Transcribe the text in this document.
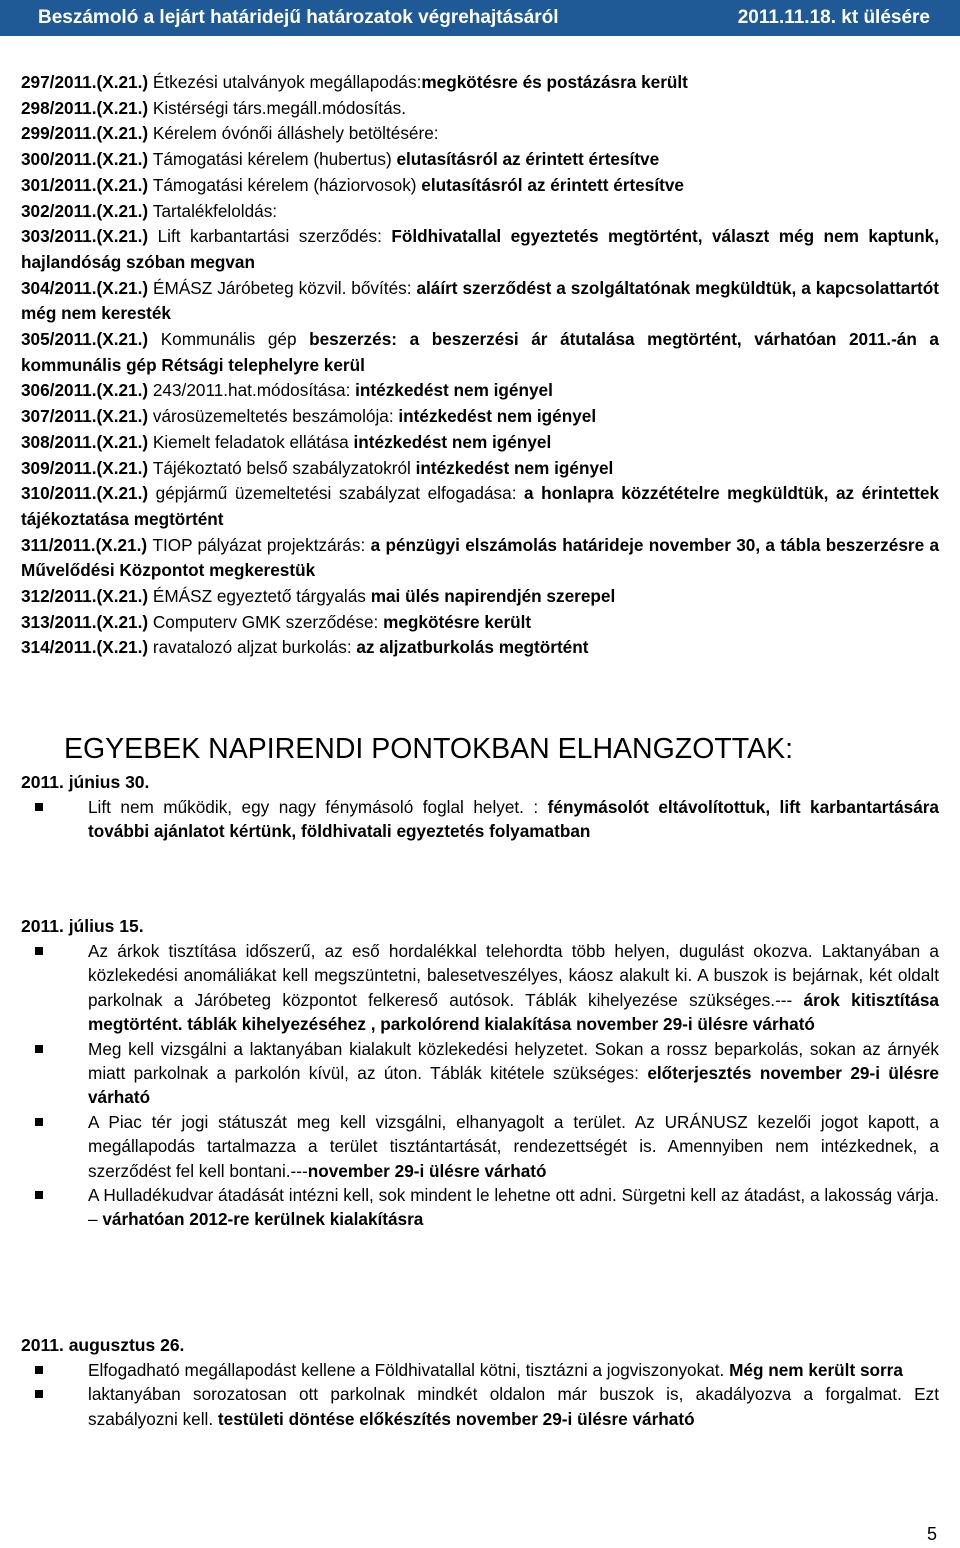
Beszámoló a lejárt határidejű határozatok végrehajtásáról	2011.11.18. kt ülésére
297/2011.(X.21.) Étkezési utalványok megállapodás:megkötésre és postázásra került
298/2011.(X.21.) Kistérségi társ.megáll.módosítás.
299/2011.(X.21.) Kérelem óvónői álláshely betöltésére:
300/2011.(X.21.) Támogatási kérelem (hubertus) elutasításról az érintett értesítve
301/2011.(X.21.) Támogatási kérelem (háziorvosok) elutasításról az érintett értesítve
302/2011.(X.21.) Tartalékfeloldás:
303/2011.(X.21.) Lift karbantartási szerződés: Földhivatallal egyeztetés megtörtént, választ még nem kaptunk, hajlandóság szóban megvan
304/2011.(X.21.) ÉMÁSZ Járóbeteg közvil. bővítés: aláírt szerződést a szolgáltatónak megküldtük, a kapcsolattartót még nem keresték
305/2011.(X.21.) Kommunális gép beszerzés: a beszerzési ár átutalása megtörtént, várhatóan 2011.-án a kommunális gép Rétsági telephelyre kerül
306/2011.(X.21.) 243/2011.hat.módosítása: intézkedést nem igényel
307/2011.(X.21.) városüzemeltetés beszámolója: intézkedést nem igényel
308/2011.(X.21.) Kiemelt feladatok ellátása intézkedést nem igényel
309/2011.(X.21.) Tájékoztató belső szabályzatokról intézkedést nem igényel
310/2011.(X.21.) gépjármű üzemeltetési szabályzat elfogadása: a honlapra közzétételre megküldtük, az érintettek tájékoztatása megtörtént
311/2011.(X.21.) TIOP pályázat projektzárás: a pénzügyi elszámolás határideje november 30, a tábla beszerzésre a Művelődési Központot megkerestük
312/2011.(X.21.) ÉMÁSZ egyeztető tárgyalás mai ülés napirendjén szerepel
313/2011.(X.21.) Computerv GMK szerződése: megkötésre került
314/2011.(X.21.) ravatalozó aljzat burkolás: az aljzatburkolás megtörtént
EGYEBEK NAPIRENDI PONTOKBAN ELHANGZOTTAK:
2011. június 30.
Lift nem működik, egy nagy fénymásoló foglal helyet. : fénymásolót eltávolítottuk, lift karbantartására további ajánlatot kértünk, földhivatali egyeztetés folyamatban
2011. július 15.
Az árkok tisztítása időszerű, az eső hordalékkal telehordta több helyen, dugulást okozva. Laktanyában a közlekedési anomáliákat kell megszüntetni, balesetveszélyes, káosz alakult ki. A buszok is bejárnak, két oldalt parkolnak a Járóbeteg központot felkereső autósok. Táblák kihelyezése szükséges.--- árok kitisztítása megtörtént. táblák kihelyezéséhez , parkolórend kialakítása november 29-i ülésre várható
Meg kell vizsgálni a laktanyában kialakult közlekedési helyzetet. Sokan a rossz beparkolás, sokan az árnyék miatt parkolnak a parkolón kívül, az úton. Táblák kitétele szükséges: előterjesztés november 29-i ülésre várható
A Piac tér jogi státuszát meg kell vizsgálni, elhanyagolt a terület. Az URÁNUSZ kezelői jogot kapott, a megállapodás tartalmazza a terület tisztántartását, rendezettségét is. Amennyiben nem intézkednek, a szerződést fel kell bontani.---november 29-i ülésre várható
A Hulladékudvar átadását intézni kell, sok mindent le lehetne ott adni. Sürgetni kell az átadást, a lakosság várja. – várhatóan 2012-re kerülnek kialakításra
2011. augusztus 26.
Elfogadható megállapodást kellene a Földhivatallal kötni, tisztázni a jogviszonyokat. Még nem került sorra
laktanyában sorozatosan ott parkolnak mindkét oldalon már buszok is, akadályozva a forgalmat. Ezt szabályozni kell. testületi döntése előkészítés november 29-i ülésre várható
5
